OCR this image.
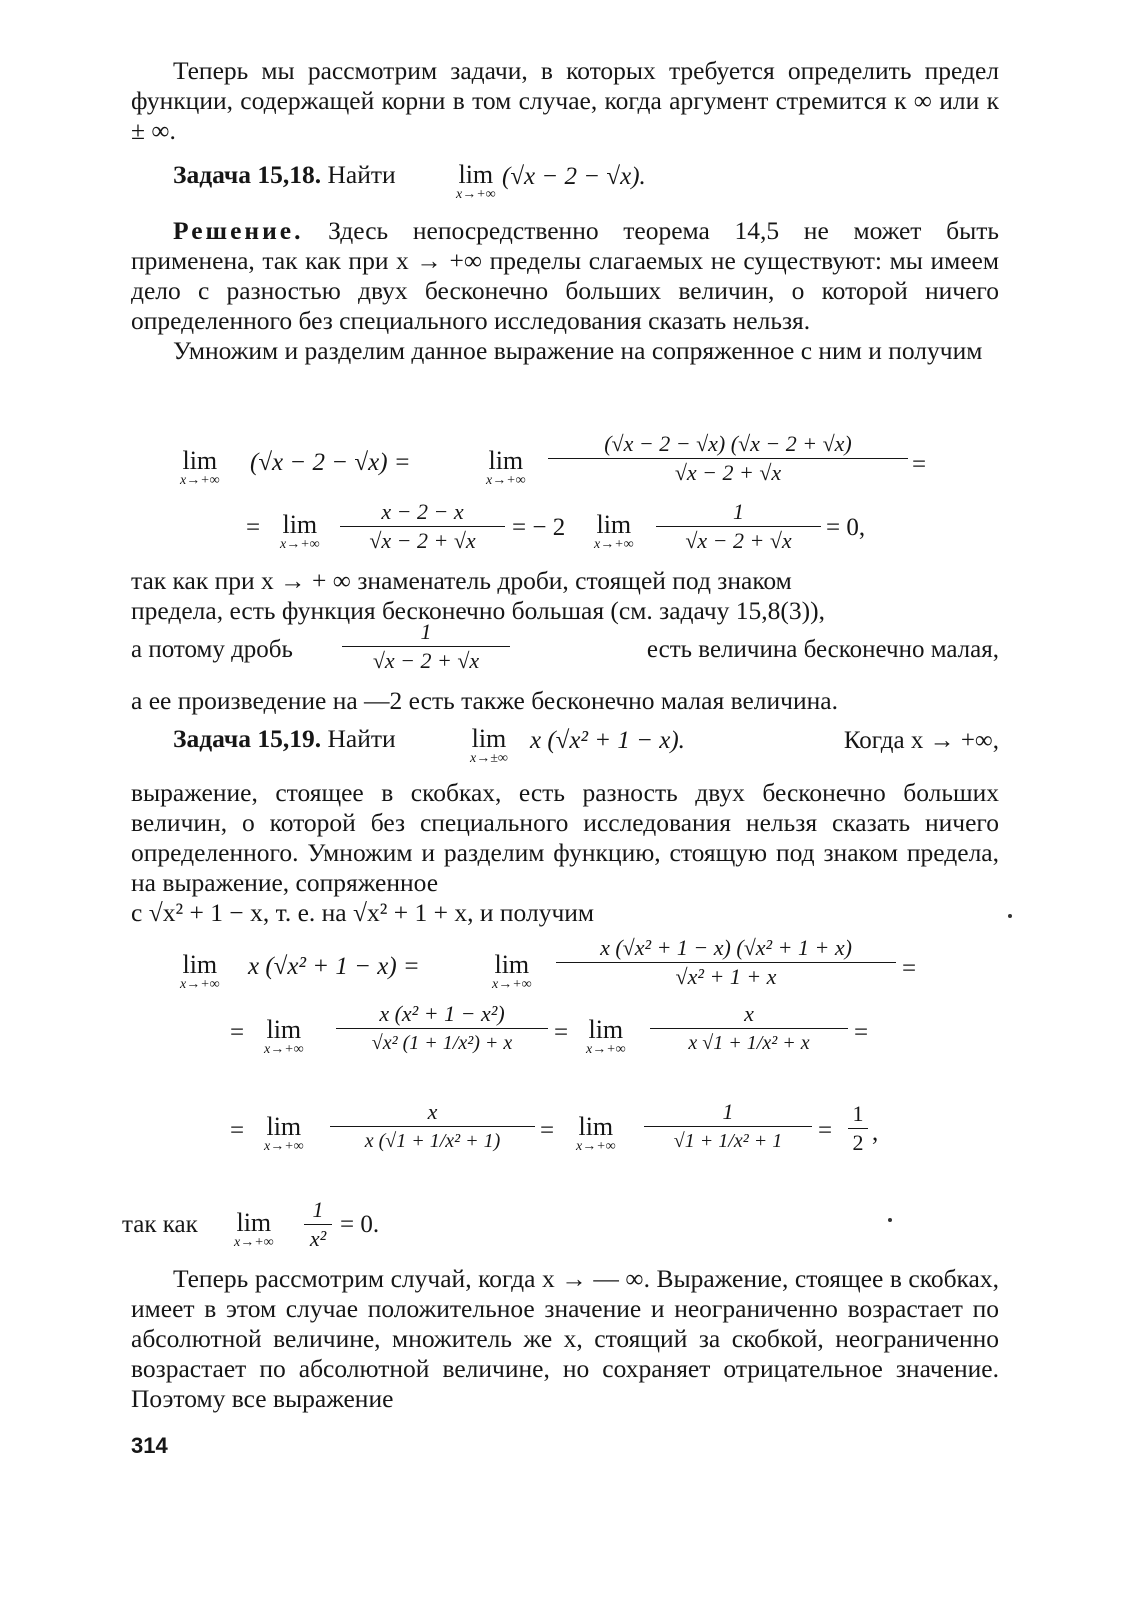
Теперь мы рассмотрим задачи, в которых требуется определить предел функции, содержащей корни в том случае, когда аргумент стремится к ∞ или к ± ∞.

Задача 15,18. Найти	lim
x→+∞
(√x − 2 − √x).

Решение. Здесь непосредственно теорема 14,5 не может быть применена, так как при x → +∞ пределы слагаемых не существуют: мы имеем дело с разностью двух бесконечно больших величин, о которой ничего определенного без специального исследования сказать нельзя.

Умножим и разделим данное выражение на сопряженное с ним и получим

lim
x→+∞
(√x − 2 − √x) =	lim
x→+∞
(√x − 2 − √x) (√x − 2 + √x)
√x − 2 + √x	=
= lim
x→+∞
x − 2 − x
√x − 2 + √x	= − 2 lim
x→+∞
1
√x − 2 + √x	= 0,

так как при x → + ∞ знаменатель дроби, стоящей под знаком

предела, есть функция бесконечно большая (см. задачу 15,8(3)),

а потому дробь
1
√x − 2 + √x	есть величина бесконечно малая,

а ее произведение на —2 есть также бесконечно малая величина.

Задача 15,19. Найти	lim
x→±∞
x (√x² + 1 − x).	Когда x → +∞,

выражение, стоящее в скобках, есть разность двух бесконечно больших величин, о которой без специального исследования нельзя сказать ничего определенного. Умножим и разделим функцию, стоящую под знаком предела, на выражение, сопряженное

с √x² + 1 − x, т. е. на √x² + 1 + x, и получим

lim
x→+∞
x (√x² + 1 − x) =	lim
x→+∞
x (√x² + 1 − x) (√x² + 1 + x)
√x² + 1 + x	=
= lim
x→+∞
x (x² + 1 − x²)
√x² (1 + 1/x²) + x	= lim
x→+∞
x
x √1 + 1/x² + x	=
= lim
x→+∞
x
x (√1 + 1/x² + 1)	= lim
x→+∞
1
√1 + 1/x² + 1	=
1
2 ,
так как lim
x→+∞
1
x²
= 0.

Теперь рассмотрим случай, когда x → — ∞. Выражение, стоящее в скобках, имеет в этом случае положительное значение и неограниченно возрастает по абсолютной величине, множитель же x, стоящий за скобкой, неограниченно возрастает по абсолютной величине, но сохраняет отрицательное значение. Поэтому все выражение

314
